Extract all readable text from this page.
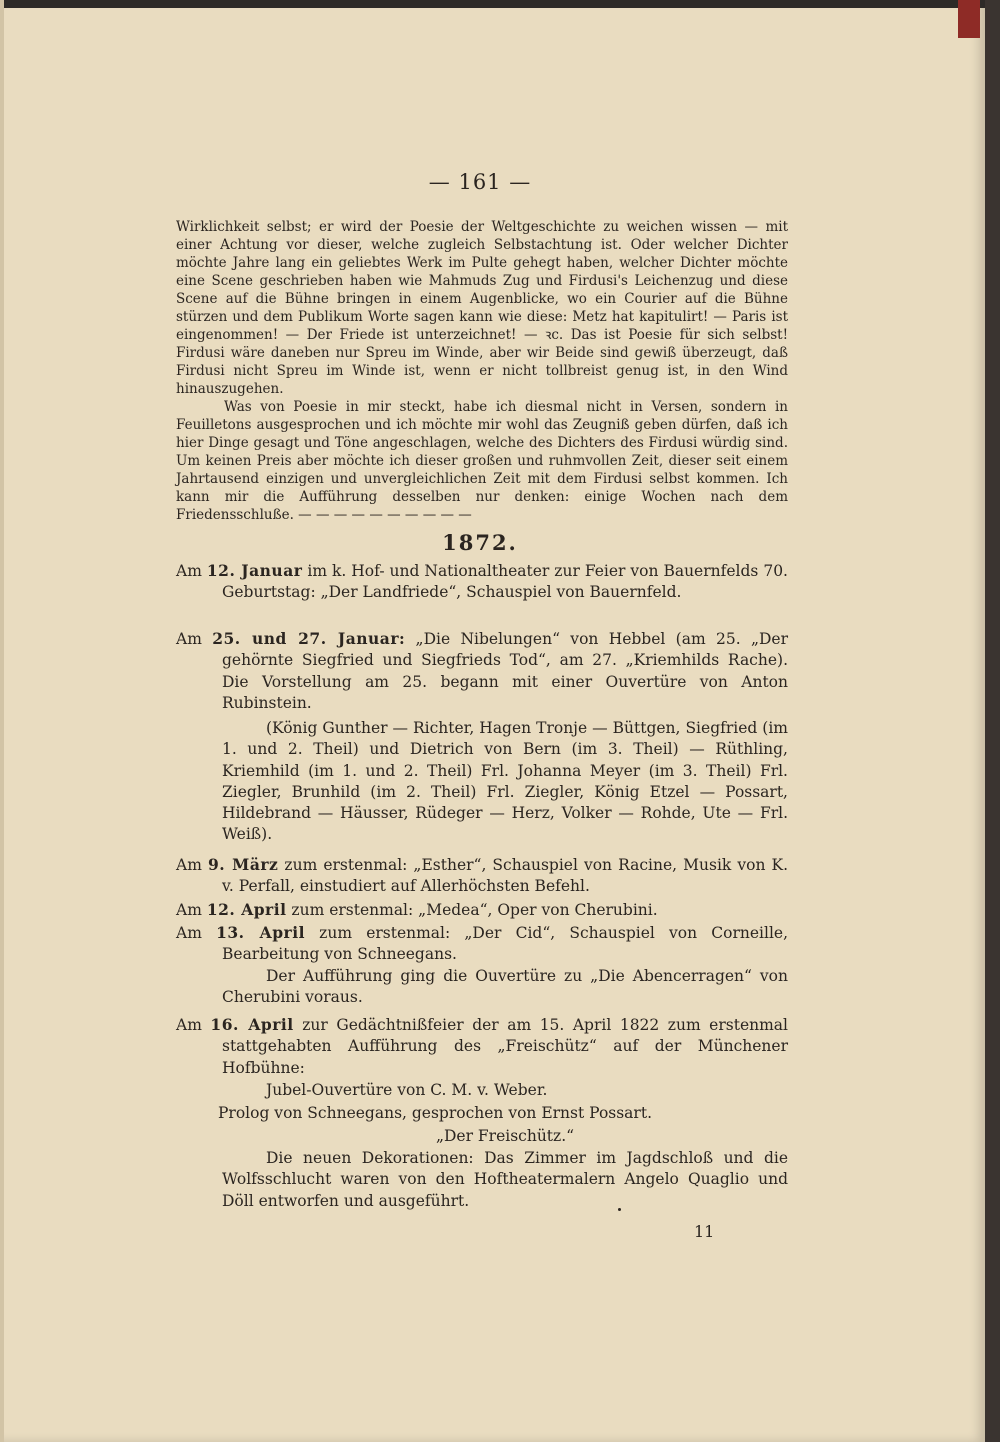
— 161 —

Wirklichkeit selbst; er wird der Poesie der Weltgeschichte zu weichen wissen — mit einer Achtung vor dieser, welche zugleich Selbstachtung ist. Oder welcher Dichter möchte Jahre lang ein geliebtes Werk im Pulte gehegt haben, welcher Dichter möchte eine Scene geschrieben haben wie Mahmuds Zug und Firdusi's Leichenzug und diese Scene auf die Bühne bringen in einem Augenblicke, wo ein Courier auf die Bühne stürzen und dem Publikum Worte sagen kann wie diese: Metz hat kapitulirt! — Paris ist eingenommen! — Der Friede ist unterzeichnet! — ꝛc. Das ist Poesie für sich selbst! Firdusi wäre daneben nur Spreu im Winde, aber wir Beide sind gewiß überzeugt, daß Firdusi nicht Spreu im Winde ist, wenn er nicht tollbreist genug ist, in den Wind hinauszugehen.

Was von Poesie in mir steckt, habe ich diesmal nicht in Versen, sondern in Feuilletons ausgesprochen und ich möchte mir wohl das Zeugniß geben dürfen, daß ich hier Dinge gesagt und Töne angeschlagen, welche des Dichters des Firdusi würdig sind. Um keinen Preis aber möchte ich dieser großen und ruhmvollen Zeit, dieser seit einem Jahrtausend einzigen und unvergleichlichen Zeit mit dem Firdusi selbst kommen. Ich kann mir die Aufführung desselben nur denken: einige Wochen nach dem Friedensschluße. — — — — — — — — — —

1872.

Am 12. Januar im k. Hof- und Nationaltheater zur Feier von Bauernfelds 70. Geburtstag: „Der Landfriede“, Schauspiel von Bauernfeld.

Am 25. und 27. Januar: „Die Nibelungen“ von Hebbel (am 25. „Der gehörnte Siegfried und Siegfrieds Tod“, am 27. „Kriemhilds Rache). Die Vorstellung am 25. begann mit einer Ouvertüre von Anton Rubinstein.

(König Gunther — Richter, Hagen Tronje — Büttgen, Siegfried (im 1. und 2. Theil) und Dietrich von Bern (im 3. Theil) — Rüthling, Kriemhild (im 1. und 2. Theil) Frl. Johanna Meyer (im 3. Theil) Frl. Ziegler, Brunhild (im 2. Theil) Frl. Ziegler, König Etzel — Possart, Hildebrand — Häusser, Rüdeger — Herz, Volker — Rohde, Ute — Frl. Weiß).

Am 9. März zum erstenmal: „Esther“, Schauspiel von Racine, Musik von K. v. Perfall, einstudiert auf Allerhöchsten Befehl.

Am 12. April zum erstenmal: „Medea“, Oper von Cherubini.

Am 13. April zum erstenmal: „Der Cid“, Schauspiel von Corneille, Bearbeitung von Schneegans.

Der Aufführung ging die Ouvertüre zu „Die Abencerragen“ von Cherubini voraus.

Am 16. April zur Gedächtnißfeier der am 15. April 1822 zum erstenmal stattgehabten Aufführung des „Freischütz“ auf der Münchener Hofbühne:

Jubel-Ouvertüre von C. M. v. Weber.

Prolog von Schneegans, gesprochen von Ernst Possart.

„Der Freischütz.“

Die neuen Dekorationen: Das Zimmer im Jagdschloß und die Wolfsschlucht waren von den Hoftheatermalern Angelo Quaglio und Döll entworfen und ausgeführt.

11
